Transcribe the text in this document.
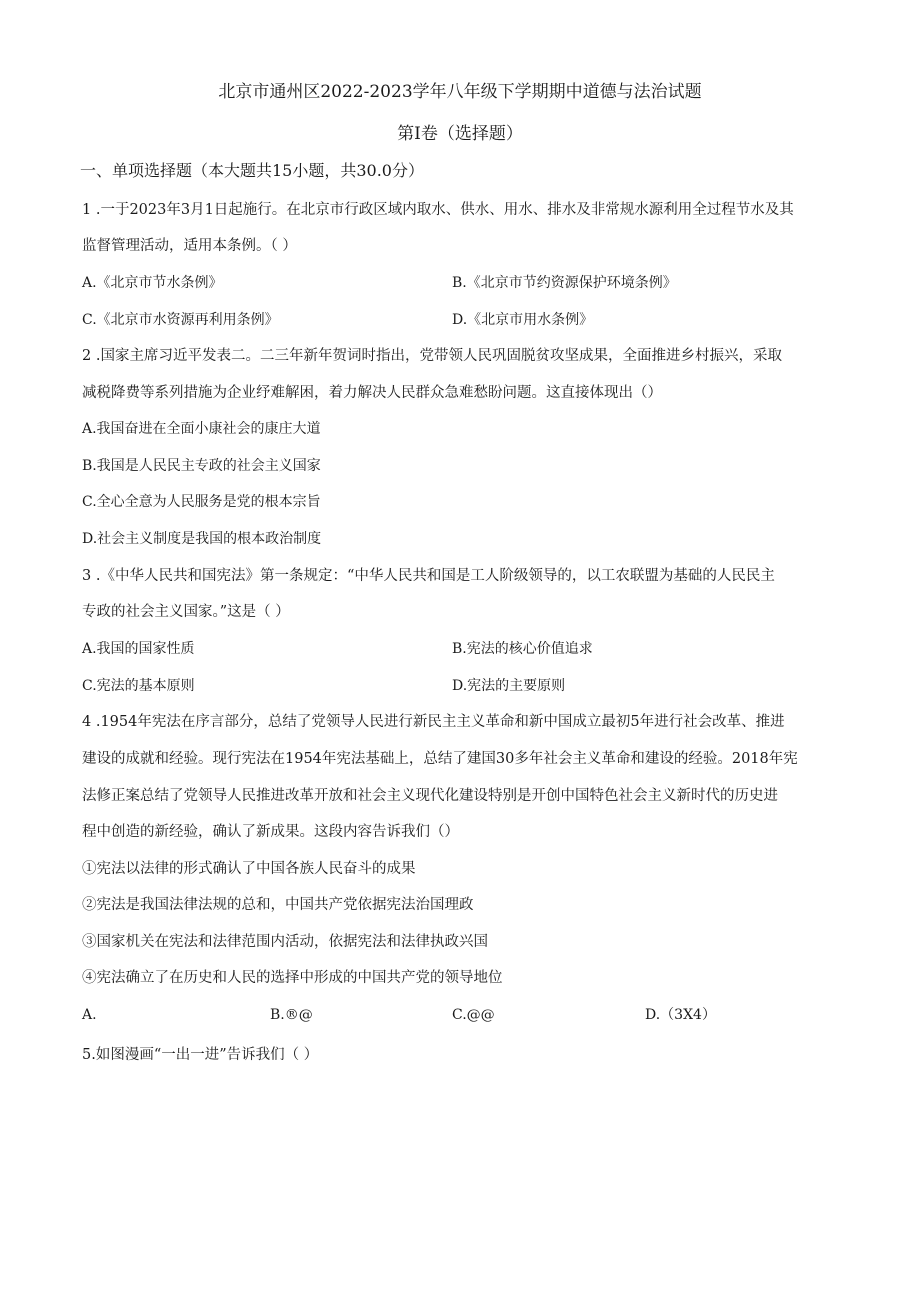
北京市通州区2022-2023学年八年级下学期期中道德与法治试题
第I卷（选择题）
一、单项选择题（本大题共15小题，共30.0分）
1 .一于2023年3月1日起施行。在北京市行政区域内取水、供水、用水、排水及非常规水源利用全过程节水及其
监督管理活动，适用本条例。（ ）
A.《北京市节水条例》	B.《北京市节约资源保护环境条例》
C.《北京市水资源再利用条例》	D.《北京市用水条例》
2 .国家主席习近平发表二。二三年新年贺词时指出，党带领人民巩固脱贫攻坚成果，全面推进乡村振兴，采取
减税降费等系列措施为企业纾难解困，着力解决人民群众急难愁盼问题。这直接体现出（）
A.我国奋进在全面小康社会的康庄大道
B.我国是人民民主专政的社会主义国家
C.全心全意为人民服务是党的根本宗旨
D.社会主义制度是我国的根本政治制度
3 .《中华人民共和国宪法》第一条规定：“中华人民共和国是工人阶级领导的，以工农联盟为基础的人民民主
专政的社会主义国家。”这是（ ）
A.我国的国家性质	B.宪法的核心价值追求
C.宪法的基本原则	D.宪法的主要原则
4 .1954年宪法在序言部分，总结了党领导人民进行新民主主义革命和新中国成立最初5年进行社会改革、推进
建设的成就和经验。现行宪法在1954年宪法基础上，总结了建国30多年社会主义革命和建设的经验。2018年宪
法修正案总结了党领导人民推进改革开放和社会主义现代化建设特别是开创中国特色社会主义新时代的历史进
程中创造的新经验，确认了新成果。这段内容告诉我们（）
①宪法以法律的形式确认了中国各族人民奋斗的成果
②宪法是我国法律法规的总和，中国共产党依据宪法治国理政
③国家机关在宪法和法律范围内活动，依据宪法和法律执政兴国
④宪法确立了在历史和人民的选择中形成的中国共产党的领导地位
A.	B.®@	C.@@	D.（3X4）
5.如图漫画“一出一进”告诉我们（ ）
